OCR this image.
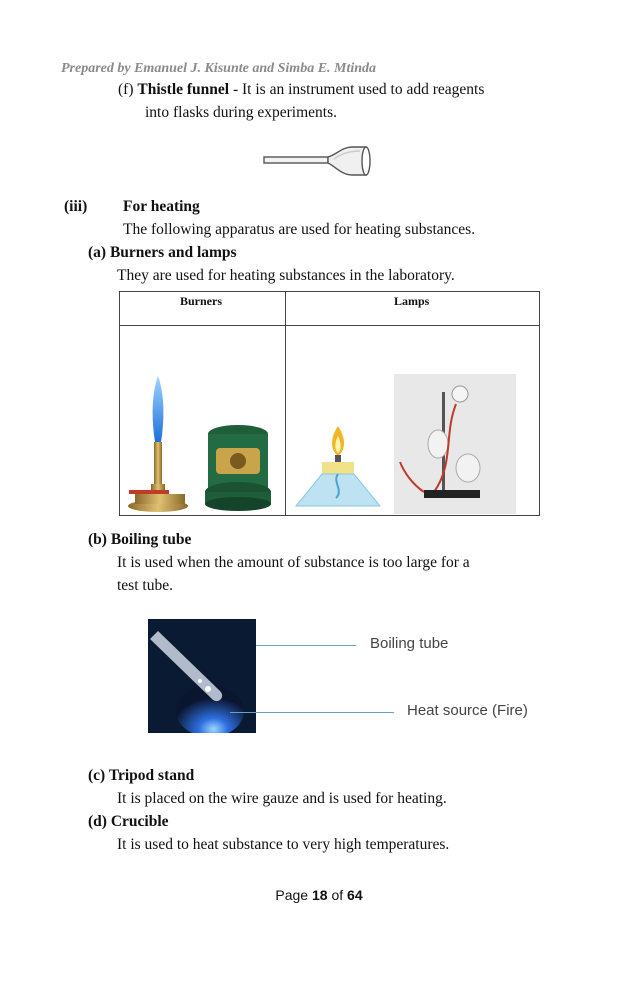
Prepared by Emanuel J. Kisunte and Simba E. Mtinda
(f) Thistle funnel - It is an instrument used to add reagents
into flasks during experiments.
(iii) For heating
The following apparatus are used for heating substances.
(a) Burners and lamps
They are used for heating substances in the laboratory.
Burners	Lamps
(b) Boiling tube
It is used when the amount of substance is too large for a
test tube.
Boiling tube
Heat source (Fire)
(c) Tripod stand
It is placed on the wire gauze and is used for heating.
(d) Crucible
It is used to heat substance to very high temperatures.
Page 18 of 64
